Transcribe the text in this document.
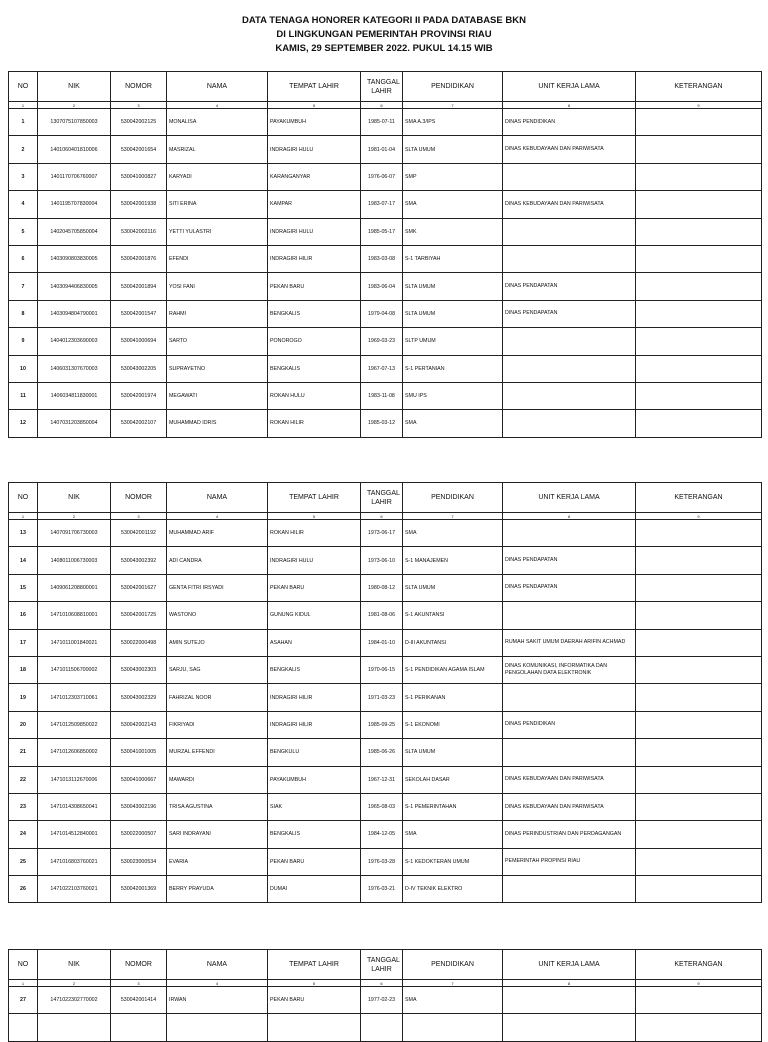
DATA TENAGA HONORER KATEGORI II PADA DATABASE BKN
DI LINGKUNGAN PEMERINTAH PROVINSI RIAU
KAMIS, 29 SEPTEMBER 2022. PUKUL 14.15 WIB
NO	NIK	NOMOR	NAMA	TEMPAT LAHIR	TANGGAL LAHIR	PENDIDIKAN	UNIT KERJA LAMA	KETERANGAN
1	2	3	4	5	6	7	8	9
1	1307075107850003	530042002125	MONALISA	PAYAKUMBUH	1985-07-11	SMA A.3/IPS	DINAS PENDIDIKAN	
2	1401060401810006	530042001654	MASRIZAL	INDRAGIRI HULU	1981-01-04	SLTA UMUM	DINAS KEBUDAYAAN DAN PARIWISATA	
3	1401170706760007	530041000827	KARYADI	KARANGANYAR	1976-06-07	SMP		
4	1401195707830004	530042001938	SITI ERINA	KAMPAR	1983-07-17	SMA	DINAS KEBUDAYAAN DAN PARIWISATA	
5	1402045705850004	530042002116	YETTI YULASTRI	INDRAGIRI HULU	1985-05-17	SMK		
6	1403090803830005	530042001876	EFENDI	INDRAGIRI HILIR	1983-03-08	S-1 TARBIYAH		
7	1403094406830005	530042001894	YOSI FANI	PEKAN BARU	1983-06-04	SLTA UMUM	DINAS PENDAPATAN	
8	1403094804790001	530042001547	RAHMI	BENGKALIS	1979-04-08	SLTA UMUM	DINAS PENDAPATAN	
9	1404012303690003	530041000694	SARTO	PONOROGO	1969-03-23	SLTP UMUM		
10	1406031307670003	530043002205	SUPRAYETNO	BENGKALIS	1967-07-13	S-1 PERTANIAN		
11	1406034811830001	530042001974	MEGAWATI	ROKAN HULU	1983-11-08	SMU IPS		
12	1407031203850004	530042002107	MUHAMMAD IDRIS	ROKAN HILIR	1985-03-12	SMA		
NO	NIK	NOMOR	NAMA	TEMPAT LAHIR	TANGGAL LAHIR	PENDIDIKAN	UNIT KERJA LAMA	KETERANGAN
1	2	3	4	5	6	7	8	9
13	1407091706730003	530042001192	MUHAMMAD ARIF	ROKAN HILIR	1973-06-17	SMA		
14	1408011006730003	530043002392	ADI CANDRA	INDRAGIRI HULU	1973-06-10	S-1 MANAJEMEN	DINAS PENDAPATAN	
15	1409061208800001	530042001627	GENTA FITRI IRSYADI	PEKAN BARU	1980-08-12	SLTA UMUM	DINAS PENDAPATAN	
16	1471010608810001	530042001725	WASTONO	GUNUNG KIDUL	1981-08-06	S-1 AKUNTANSI		
17	1471011001840021	530022000498	AMIN SUTEJO	ASAHAN	1984-01-10	D-III AKUNTANSI	RUMAH SAKIT UMUM DAERAH ARIFIN ACHMAD	
18	1471011506700002	530043002303	SARJU, SAG	BENGKALIS	1970-06-15	S-1 PENDIDIKAN AGAMA ISLAM	DINAS KOMUNIKASI, INFORMATIKA DAN PENGOLAHAN DATA ELEKTRONIK	
19	1471012303710061	530043002329	FAHRIZAL NOOR	INDRAGIRI HILIR	1971-03-23	S-1 PERIKANAN		
20	1471012509850022	530042002143	FIKRIYADI	INDRAGIRI HILIR	1985-09-25	S-1 EKONOMI	DINAS PENDIDIKAN	
21	1471012606850002	530041001005	MURZAL EFFENDI	BENGKULU	1985-06-26	SLTA UMUM		
22	1471013112670006	530041000667	MAWARDI	PAYAKUMBUH	1967-12-31	SEKOLAH DASAR	DINAS KEBUDAYAAN DAN PARIWISATA	
23	1471014308650041	530043002196	TRISA AGUSTINA	SIAK	1965-08-03	S-1 PEMERINTAHAN	DINAS KEBUDAYAAN DAN PARIWISATA	
24	1471014512840001	530022000507	SARI INDRAYANI	BENGKALIS	1984-12-05	SMA	DINAS PERINDUSTRIAN DAN PERDAGANGAN	
25	1471016803760021	530023000534	EVARIA	PEKAN BARU	1976-03-28	S-1 KEDOKTERAN UMUM	PEMERINTAH PROPINSI RIAU	
26	1471022103760021	530042001369	BERRY PRAYUDA	DUMAI	1976-03-21	D-IV TEKNIK ELEKTRO		
NO	NIK	NOMOR	NAMA	TEMPAT LAHIR	TANGGAL LAHIR	PENDIDIKAN	UNIT KERJA LAMA	KETERANGAN
1	2	3	4	5	6	7	8	9
27	1471022302770002	530042001414	IRWAN	PEKAN BARU	1977-02-23	SMA		
